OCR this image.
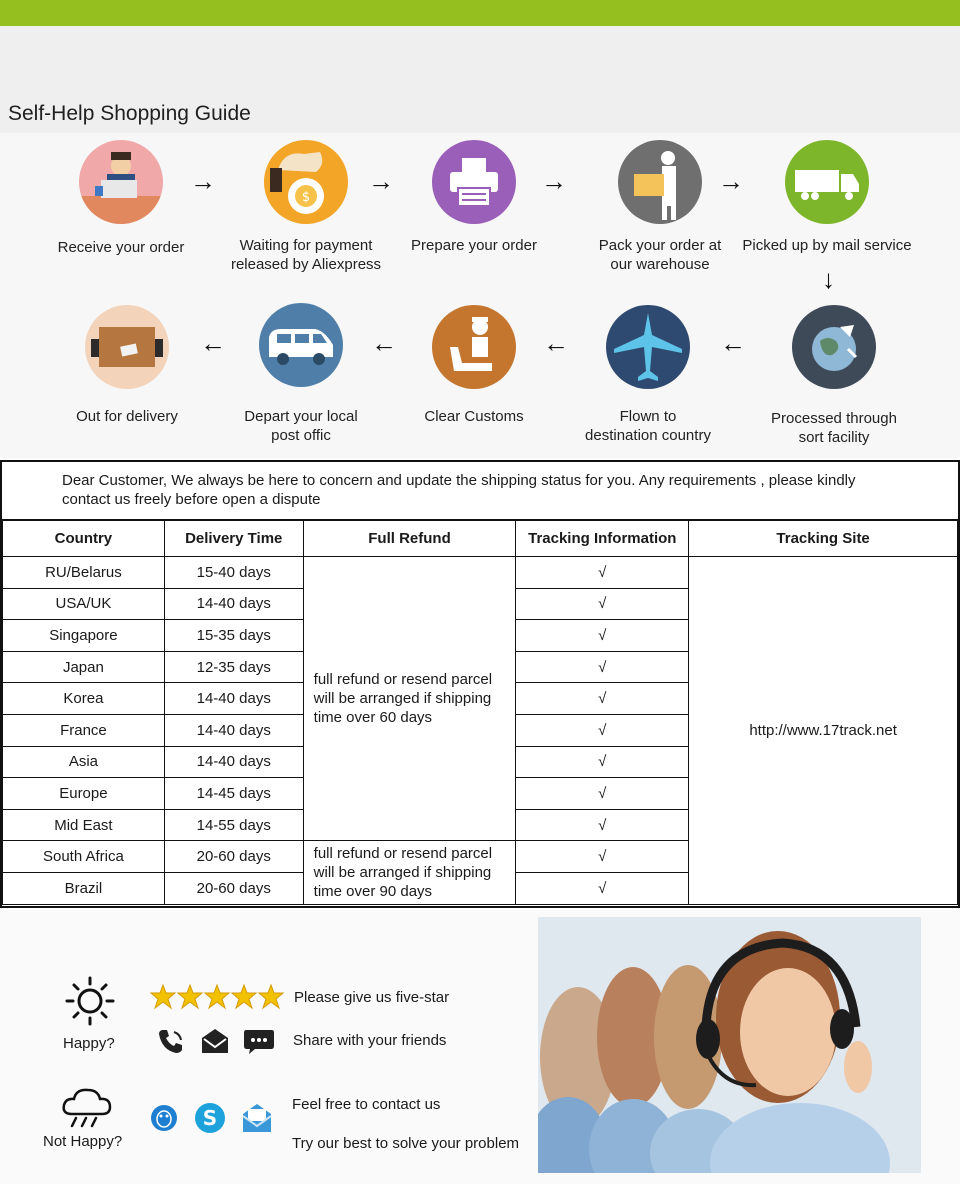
Self-Help Shopping Guide
Receive your order
→
$
Waiting for payment
released by Aliexpress
→
Prepare your order
→
Pack your order at
our warehouse
→
Picked up by mail service
↓
Out for delivery
←
Depart your local
post offic
←
Clear Customs
←
Flown to
destination country
←
Processed through
sort facility
Dear Customer, We always be here to concern and update the shipping status for you. Any requirements , please kindly contact us freely before open a dispute
Country	Delivery Time	Full Refund	Tracking Information	Tracking Site
RU/Belarus	15-40 days	full refund or resend parcel will be arranged if shipping time over 60 days	√	http://www.17track.net
USA/UK	14-40 days		√	
Singapore	15-35 days		√	
Japan	12-35 days		√	
Korea	14-40 days		√	
France	14-40 days		√	
Asia	14-40 days		√	
Europe	14-45 days		√	
Mid East	14-55 days		√	
South Africa	20-60 days	full refund or resend parcel will be arranged if shipping time over 90 days	√	
Brazil	20-60 days		√	
Happy?
Please give us five-star
Share with your friends
Not Happy?
S
Feel free to contact us
Try our best to solve your problem
